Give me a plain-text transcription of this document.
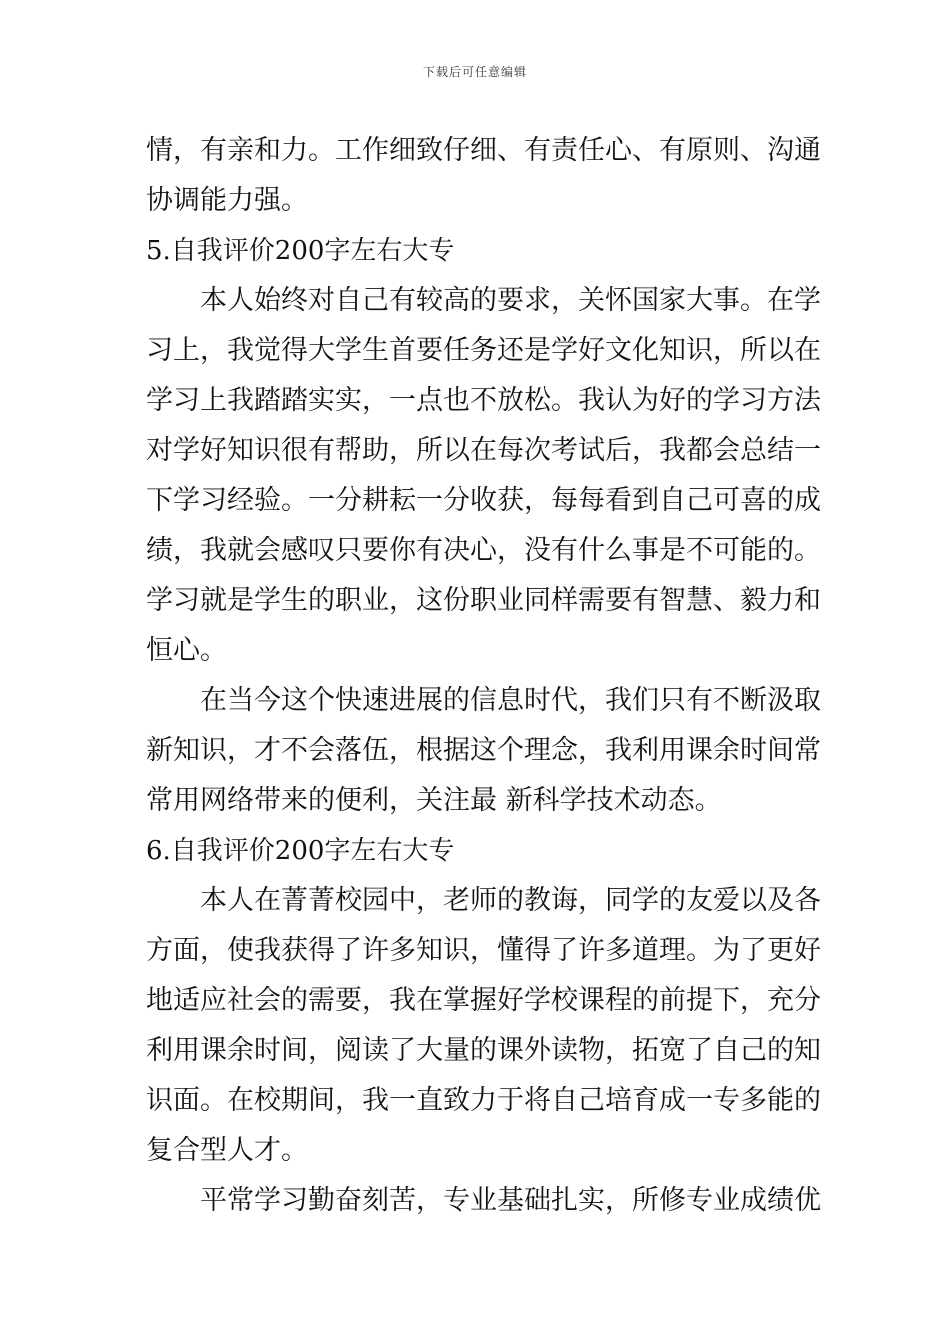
下载后可任意编辑
情，有亲和力。工作细致仔细、有责任心、有原则、沟通
协调能力强。
5.自我评价200字左右大专
本人始终对自己有较高的要求，关怀国家大事。在学
习上，我觉得大学生首要任务还是学好文化知识，所以在
学习上我踏踏实实，一点也不放松。我认为好的学习方法
对学好知识很有帮助，所以在每次考试后，我都会总结一
下学习经验。一分耕耘一分收获，每每看到自己可喜的成
绩，我就会感叹只要你有决心，没有什么事是不可能的。
学习就是学生的职业，这份职业同样需要有智慧、毅力和
恒心。
在当今这个快速进展的信息时代，我们只有不断汲取
新知识，才不会落伍，根据这个理念，我利用课余时间常
常用网络带来的便利，关注最 新科学技术动态。
6.自我评价200字左右大专
本人在菁菁校园中，老师的教诲，同学的友爱以及各
方面，使我获得了许多知识，懂得了许多道理。为了更好
地适应社会的需要，我在掌握好学校课程的前提下，充分
利用课余时间，阅读了大量的课外读物，拓宽了自己的知
识面。在校期间，我一直致力于将自己培育成一专多能的
复合型人才。
平常学习勤奋刻苦，专业基础扎实，所修专业成绩优
